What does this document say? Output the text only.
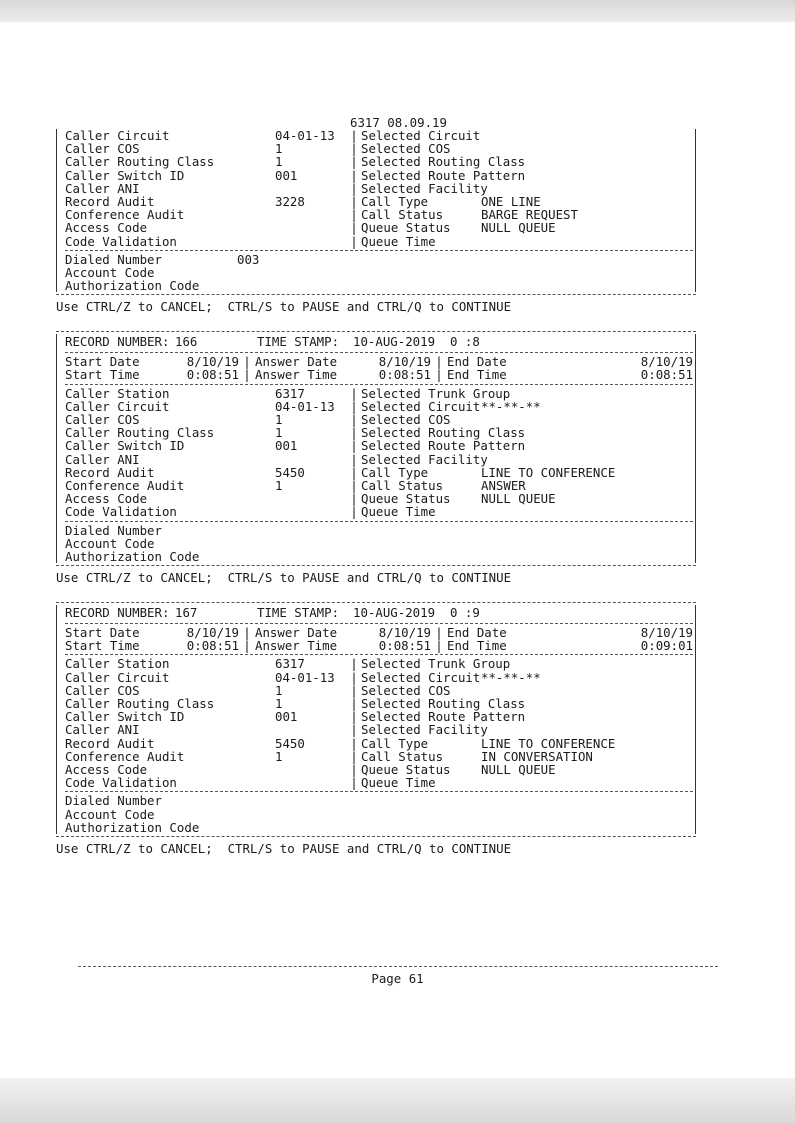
6317 08.09.19
Caller Circuit	04-01-13	| Selected Circuit
Caller COS	1	| Selected COS
Caller Routing Class	1	| Selected Routing Class
Caller Switch ID	001	| Selected Route Pattern
Caller ANI	| Selected Facility
Record Audit	3228	| Call Type	ONE LINE
Conference Audit	| Call Status	BARGE REQUEST
Access Code	| Queue Status	NULL QUEUE
Code Validation	| Queue Time
Dialed Number	003
Account Code
Authorization Code
Use CTRL/Z to CANCEL;  CTRL/S to PAUSE and CTRL/Q to CONTINUE
RECORD NUMBER: 166	TIME STAMP:	10-AUG-2019  0 :8
Start Date	8/10/19 | Answer Date	8/10/19 | End Date	8/10/19
Start Time	0:08:51 | Answer Time	0:08:51 | End Time	0:08:51
Caller Station	6317	| Selected Trunk Group
Caller Circuit	04-01-13	| Selected Circuit **-**-**
Caller COS	1	| Selected COS
Caller Routing Class	1	| Selected Routing Class
Caller Switch ID	001	| Selected Route Pattern
Caller ANI	| Selected Facility
Record Audit	5450	| Call Type	LINE TO CONFERENCE
Conference Audit	1	| Call Status	ANSWER
Access Code	| Queue Status	NULL QUEUE
Code Validation	| Queue Time
Dialed Number
Account Code
Authorization Code
Use CTRL/Z to CANCEL;  CTRL/S to PAUSE and CTRL/Q to CONTINUE
RECORD NUMBER: 167	TIME STAMP:	10-AUG-2019  0 :9
Start Date	8/10/19 | Answer Date	8/10/19 | End Date	8/10/19
Start Time	0:08:51 | Answer Time	0:08:51 | End Time	0:09:01
Caller Station	6317	| Selected Trunk Group
Caller Circuit	04-01-13	| Selected Circuit **-**-**
Caller COS	1	| Selected COS
Caller Routing Class	1	| Selected Routing Class
Caller Switch ID	001	| Selected Route Pattern
Caller ANI	| Selected Facility
Record Audit	5450	| Call Type	LINE TO CONFERENCE
Conference Audit	1	| Call Status	IN CONVERSATION
Access Code	| Queue Status	NULL QUEUE
Code Validation	| Queue Time
Dialed Number
Account Code
Authorization Code
Use CTRL/Z to CANCEL;  CTRL/S to PAUSE and CTRL/Q to CONTINUE
Page 61
